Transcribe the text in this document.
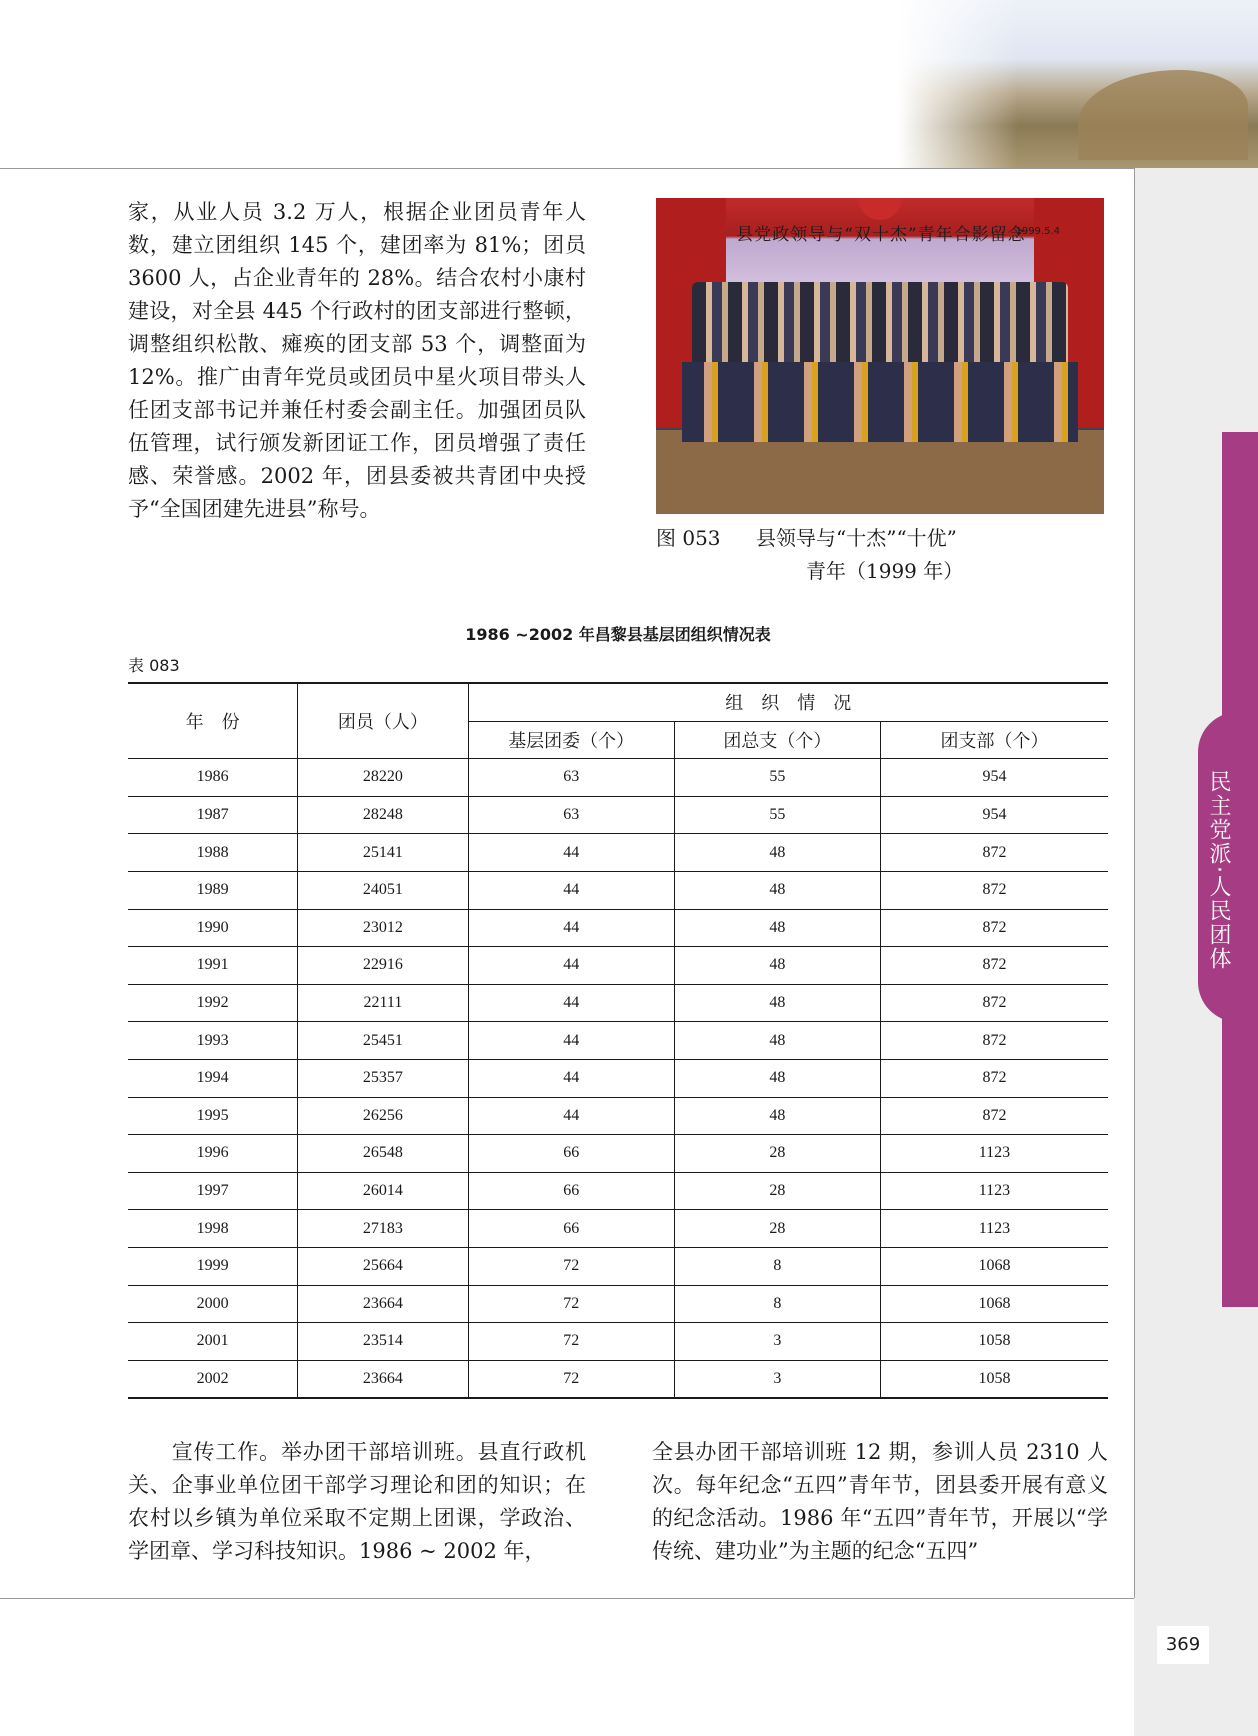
民主党派·人民团体

家，从业人员 3.2 万人，根据企业团员青年人数，建立团组织 145 个，建团率为 81%；团员 3600 人，占企业青年的 28%。结合农村小康村建设，对全县 445 个行政村的团支部进行整顿，调整组织松散、瘫痪的团支部 53 个，调整面为 12%。推广由青年党员或团员中星火项目带头人任团支部书记并兼任村委会副主任。加强团员队伍管理，试行颁发新团证工作，团员增强了责任感、荣誉感。2002 年，团县委被共青团中央授予“全国团建先进县”称号。

县党政领导与“双十杰”青年合影留念
1999.5.4
图 053 县领导与“十杰”“十优”
青年（1999 年）
1986 ~2002 年昌黎县基层团组织情况表
表 083
年　份	团员（人）	组　织　情　况		
		基层团委（个）	团总支（个）	团支部（个）
1986	28220	63	55	954
1987	28248	63	55	954
1988	25141	44	48	872
1989	24051	44	48	872
1990	23012	44	48	872
1991	22916	44	48	872
1992	22111	44	48	872
1993	25451	44	48	872
1994	25357	44	48	872
1995	26256	44	48	872
1996	26548	66	28	1123
1997	26014	66	28	1123
1998	27183	66	28	1123
1999	25664	72	8	1068
2000	23664	72	8	1068
2001	23514	72	3	1058
2002	23664	72	3	1058

　　宣传工作。举办团干部培训班。县直行政机关、企事业单位团干部学习理论和团的知识；在农村以乡镇为单位采取不定期上团课，学政治、学团章、学习科技知识。1986 ~ 2002 年，

全县办团干部培训班 12 期，参训人员 2310 人次。每年纪念“五四”青年节，团县委开展有意义的纪念活动。1986 年“五四”青年节，开展以“学传统、建功业”为主题的纪念“五四”

369
